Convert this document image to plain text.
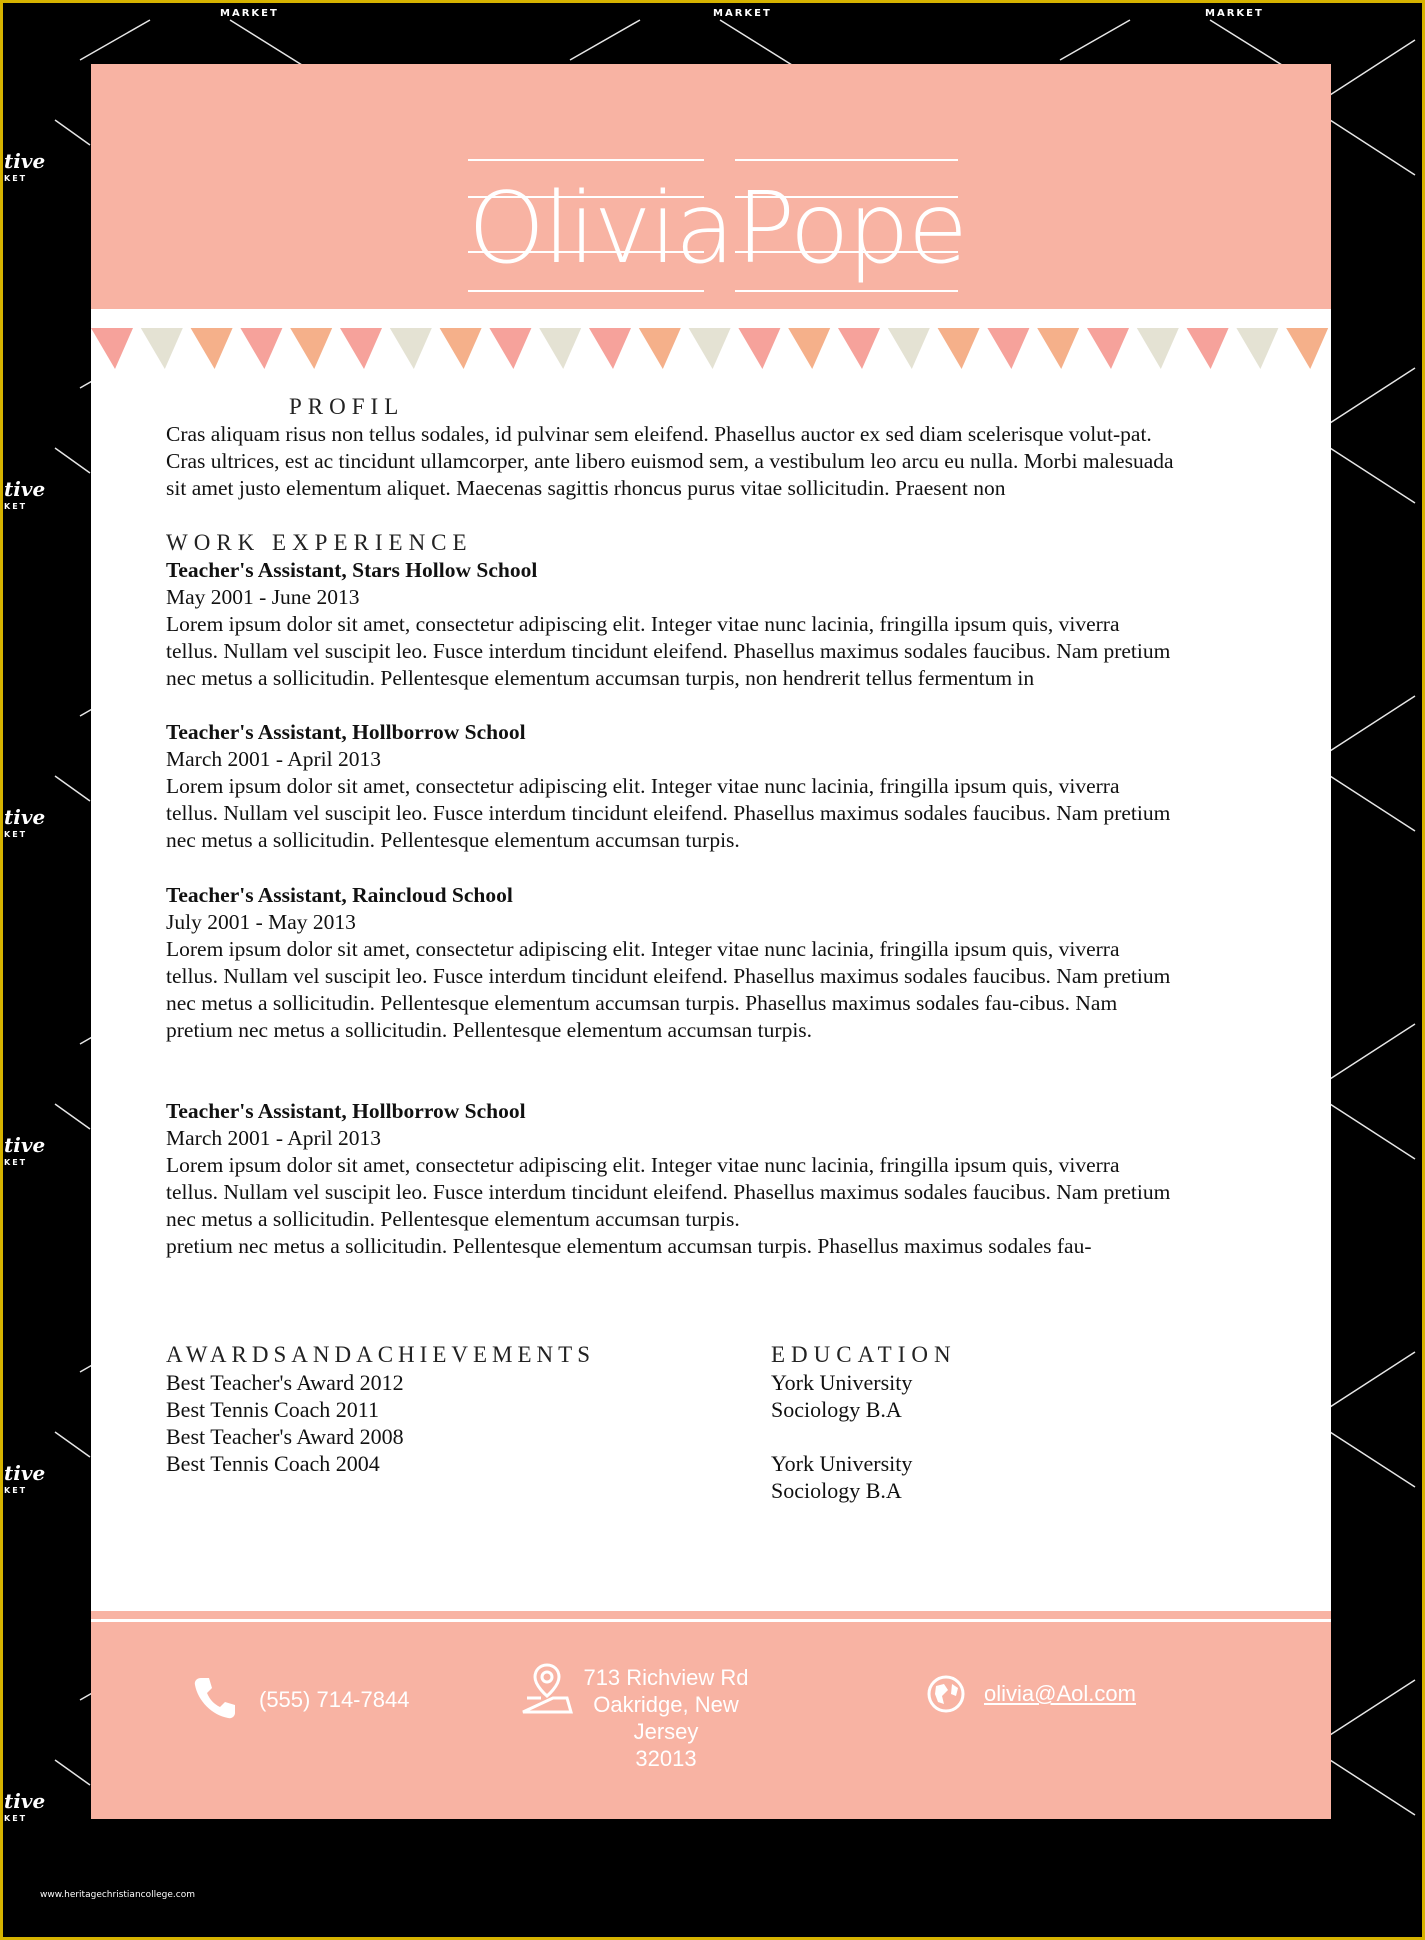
MARKET	MARKET	MARKET
tive
KET
tive
KET
tive
KET
tive
KET
tive
KET
tive
KET
www.heritagechristiancollege.com
Olivia Pope
PROFIL

Cras aliquam risus non tellus sodales, id pulvinar sem eleifend. Phasellus auctor ex sed diam scelerisque volut-pat. Cras ultrices, est ac tincidunt ullamcorper, ante libero euismod sem, a vestibulum leo arcu eu nulla. Morbi malesuada sit amet justo elementum aliquet. Maecenas sagittis rhoncus purus vitae sollicitudin. Praesent non

WORK EXPERIENCE
Teacher's Assistant, Stars Hollow School
May 2001 - June 2013

Lorem ipsum dolor sit amet, consectetur adipiscing elit. Integer vitae nunc lacinia, fringilla ipsum quis, viverra tellus. Nullam vel suscipit leo. Fusce interdum tincidunt eleifend. Phasellus maximus sodales faucibus. Nam pretium nec metus a sollicitudin. Pellentesque elementum accumsan turpis, non hendrerit tellus fermentum in

Teacher's Assistant, Hollborrow School
March 2001 - April 2013

Lorem ipsum dolor sit amet, consectetur adipiscing elit. Integer vitae nunc lacinia, fringilla ipsum quis, viverra tellus. Nullam vel suscipit leo. Fusce interdum tincidunt eleifend. Phasellus maximus sodales faucibus. Nam pretium nec metus a sollicitudin. Pellentesque elementum accumsan turpis.

Teacher's Assistant, Raincloud School
July 2001 - May 2013

Lorem ipsum dolor sit amet, consectetur adipiscing elit. Integer vitae nunc lacinia, fringilla ipsum quis, viverra tellus. Nullam vel suscipit leo. Fusce interdum tincidunt eleifend. Phasellus maximus sodales faucibus. Nam pretium nec metus a sollicitudin. Pellentesque elementum accumsan turpis. Phasellus maximus sodales fau-cibus. Nam pretium nec metus a sollicitudin. Pellentesque elementum accumsan turpis.

Teacher's Assistant, Hollborrow School
March 2001 - April 2013

Lorem ipsum dolor sit amet, consectetur adipiscing elit. Integer vitae nunc lacinia, fringilla ipsum quis, viverra tellus. Nullam vel suscipit leo. Fusce interdum tincidunt eleifend. Phasellus maximus sodales faucibus. Nam pretium nec metus a sollicitudin. Pellentesque elementum accumsan turpis.

pretium nec metus a sollicitudin. Pellentesque elementum accumsan turpis. Phasellus maximus sodales fau-
AWARDSANDACHIEVEMENTS
Best Teacher's Award 2012
Best Tennis Coach 2011
Best Teacher's Award 2008
Best Tennis Coach 2004
EDUCATION
York University
Sociology B.A
York University
Sociology B.A
(555) 714-7844
713 Richview Rd
Oakridge, New Jersey
32013
olivia@Aol.com
